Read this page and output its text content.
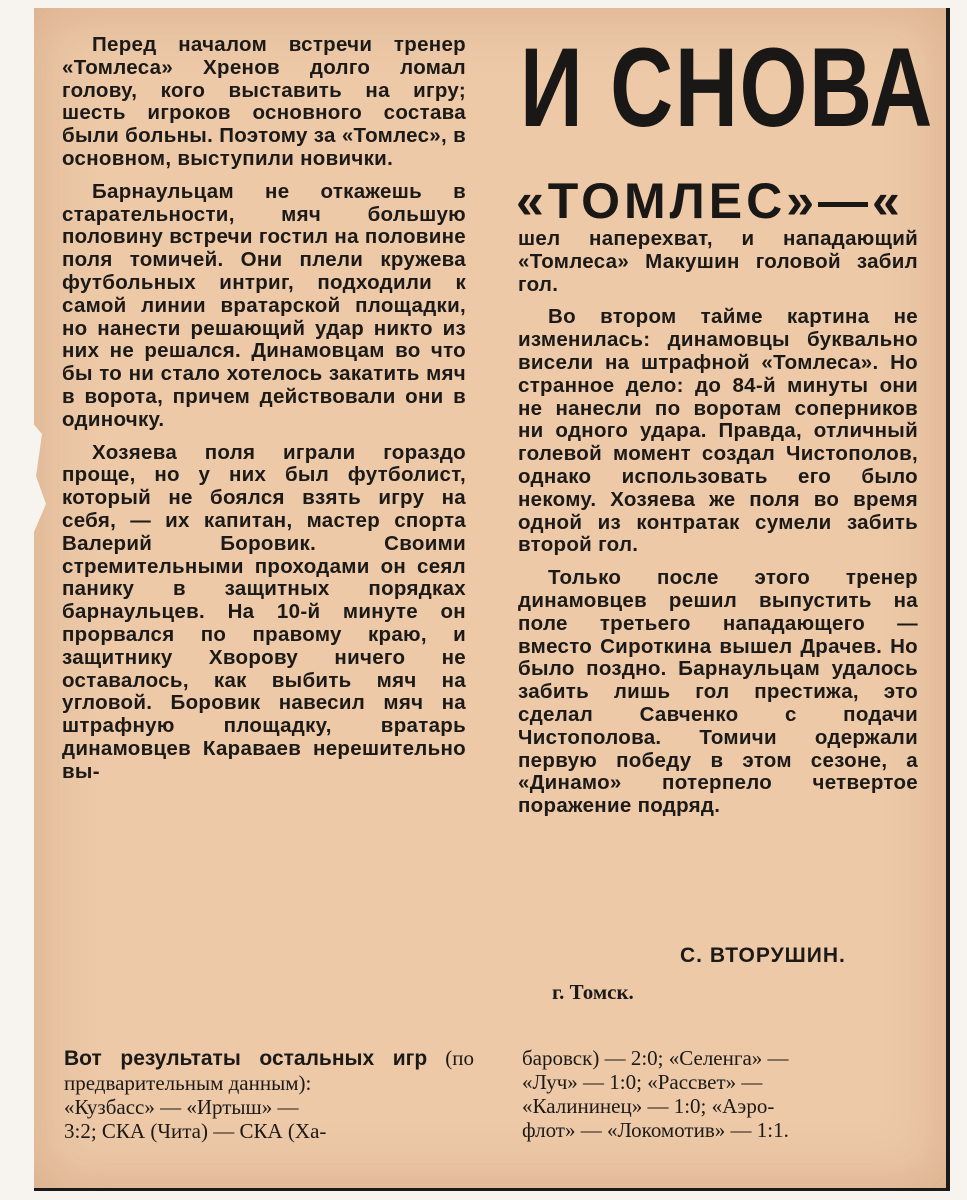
И СНОВА
«ТОМЛЕС»—«

Перед началом встречи тренер «Томлеса» Хренов долго ломал голову, кого выставить на игру; шесть игроков основного состава были больны. Поэтому за «Томлес», в основном, выступили новички.

Барнаульцам не откажешь в старательности, мяч большую половину встречи гостил на половине поля томичей. Они плели кружева футбольных интриг, подходили к самой линии вратарской площадки, но нанести решающий удар никто из них не решался. Динамовцам во что бы то ни стало хотелось закатить мяч в ворота, причем действовали они в одиночку.

Хозяева поля играли гораздо проще, но у них был футболист, который не боялся взять игру на себя, — их капитан, мастер спорта Валерий Боровик. Своими стремительными проходами он сеял панику в защитных порядках барнаульцев. На 10-й минуте он прорвался по правому краю, и защитнику Хворову ничего не оставалось, как выбить мяч на угловой. Боровик навесил мяч на штрафную площадку, вратарь динамовцев Караваев нерешительно вы-

шел наперехват, и нападающий «Томлеса» Макушин головой забил гол.

Во втором тайме картина не изменилась: динамовцы буквально висели на штрафной «Томлеса». Но странное дело: до 84-й минуты они не нанесли по воротам соперников ни одного удара. Правда, отличный голевой момент создал Чистополов, однако использовать его было некому. Хозяева же поля во время одной из контратак сумели забить второй гол.

Только после этого тренер динамовцев решил выпустить на поле третьего нападающего — вместо Сироткина вышел Драчев. Но было поздно. Барнаульцам удалось забить лишь гол престижа, это сделал Савченко с подачи Чистополова. Томичи одержали первую победу в этом сезоне, а «Динамо» потерпело четвертое поражение подряд.

С. ВТОРУШИН.
г. Томск.
Вот результаты остальных игр (по предварительным данным):
«Кузбасс» — «Иртыш» —
3:2; СКА (Чита) — СКА (Ха-
баровск) — 2:0; «Селенга» —
«Луч» — 1:0; «Рассвет» —
«Калининец» — 1:0; «Аэро-
флот» — «Локомотив» — 1:1.
